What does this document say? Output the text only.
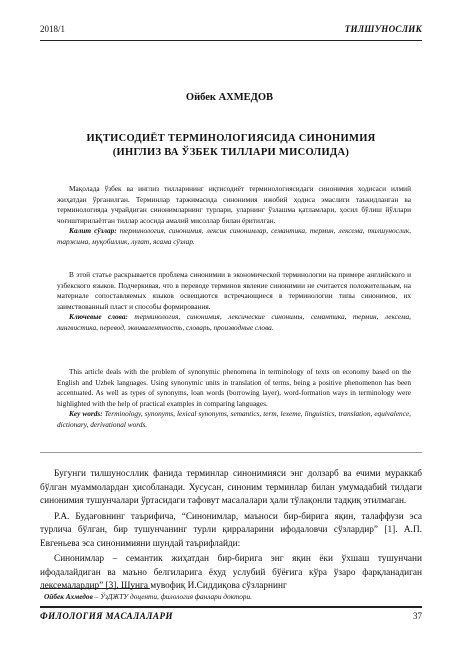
2018/1	ТИЛШУНОСЛИК
Ойбек АХМЕДОВ
ИҚТИСОДИЁТ ТЕРМИНОЛОГИЯСИДА СИНОНИМИЯ
(ИНГЛИЗ ВА ЎЗБЕК ТИЛЛАРИ МИСОЛИДА)
Мақолада ўзбек ва инглиз тилларининг иқтисодиёт терминологиясидаги синонимия ходисаси илмий жиҳатдан ўрганилган. Терминлар таржимасида синонимия ижобий ҳодиса эмаслиги таъкидланган ва терминологияда учрайдиган синонимларнинг турлари, уларнинг ўзлашма қатламлари, ҳосил бўлиш йўллари чоғиштирилаётган тиллар асосида амалий мисоллар билан ёритилган.
Калит сўзлар: терминология, синонимия, лексик синонимлар, семантика, термин, лексема, тилшунослик, таржима, муқобиллик, луғат, ясама сўзлар.
В этой статье раскрывается проблема синонимии в экономической терминологии на примере английского и узбекского языков. Подчеркивая, что в переводе терминов явление синонимии не считается положительным, на материале сопоставляемых языков освещаются встречающиеся в терминологии типы синонимов, их заимствованный пласт и способы формирования.
Ключевые слова: терминология, синонимия, лексические синонимы, семантика, термин, лексема, лингвистика, перевод, эквивалентность, словарь, производные слова.
This article deals with the problem of synonymic phenomena in terminology of texts on economy based on the English and Uzbek languages. Using synonymic units in translation of terms, being a positive phenomenon has been accentuated. As well as types of synonyms, loan words (borrowing layer), word-formation ways in terminology were highlighted with the help of practical examples in comparing languages.
Key words: Terminology, synonyms, lexical synonyms, semantics, term, lexeme, linguistics, translation, equivalence, dictionary, derivational words.

Бугунги тилшуносллик фанида терминлар синонимияси энг долзарб ва ечими мураккаб бўлган муаммолардан ҳисобланади. Хусусан, синоним терминлар билан умумадабий тилдаги синонимия тушунчалари ўртасидаги тафовут масалалари ҳали тўлақонли тадқиқ этилмаган.

Р.А. Будағовнинг таърифича, “Синонимлар, маъноси бир-бирига яқин, талаффузи эса турлича бўлган, бир тушунчанинг турли қирраларини ифодаловчи сўзлардир” [1]. А.П. Евгеньева эса синонимияни шундай таърифлайди:

Синонимлар – семантик жиҳатдан бир-бирига энг яқин ёки ўхшаш тушунчани ифодалайдиган ва маъно белгиларига ёхуд услубий бўёғига кўра ўзаро фарқланадиган лексемалардир” [3]. Шунга мувофиқ И.Сиддиқова сўзларнинг

Ойбек Ахмедов – ЎзДЖТУ доценти, филология фанлари доктори.
ФИЛОЛОГИЯ МАСАЛАЛАРИ	37
